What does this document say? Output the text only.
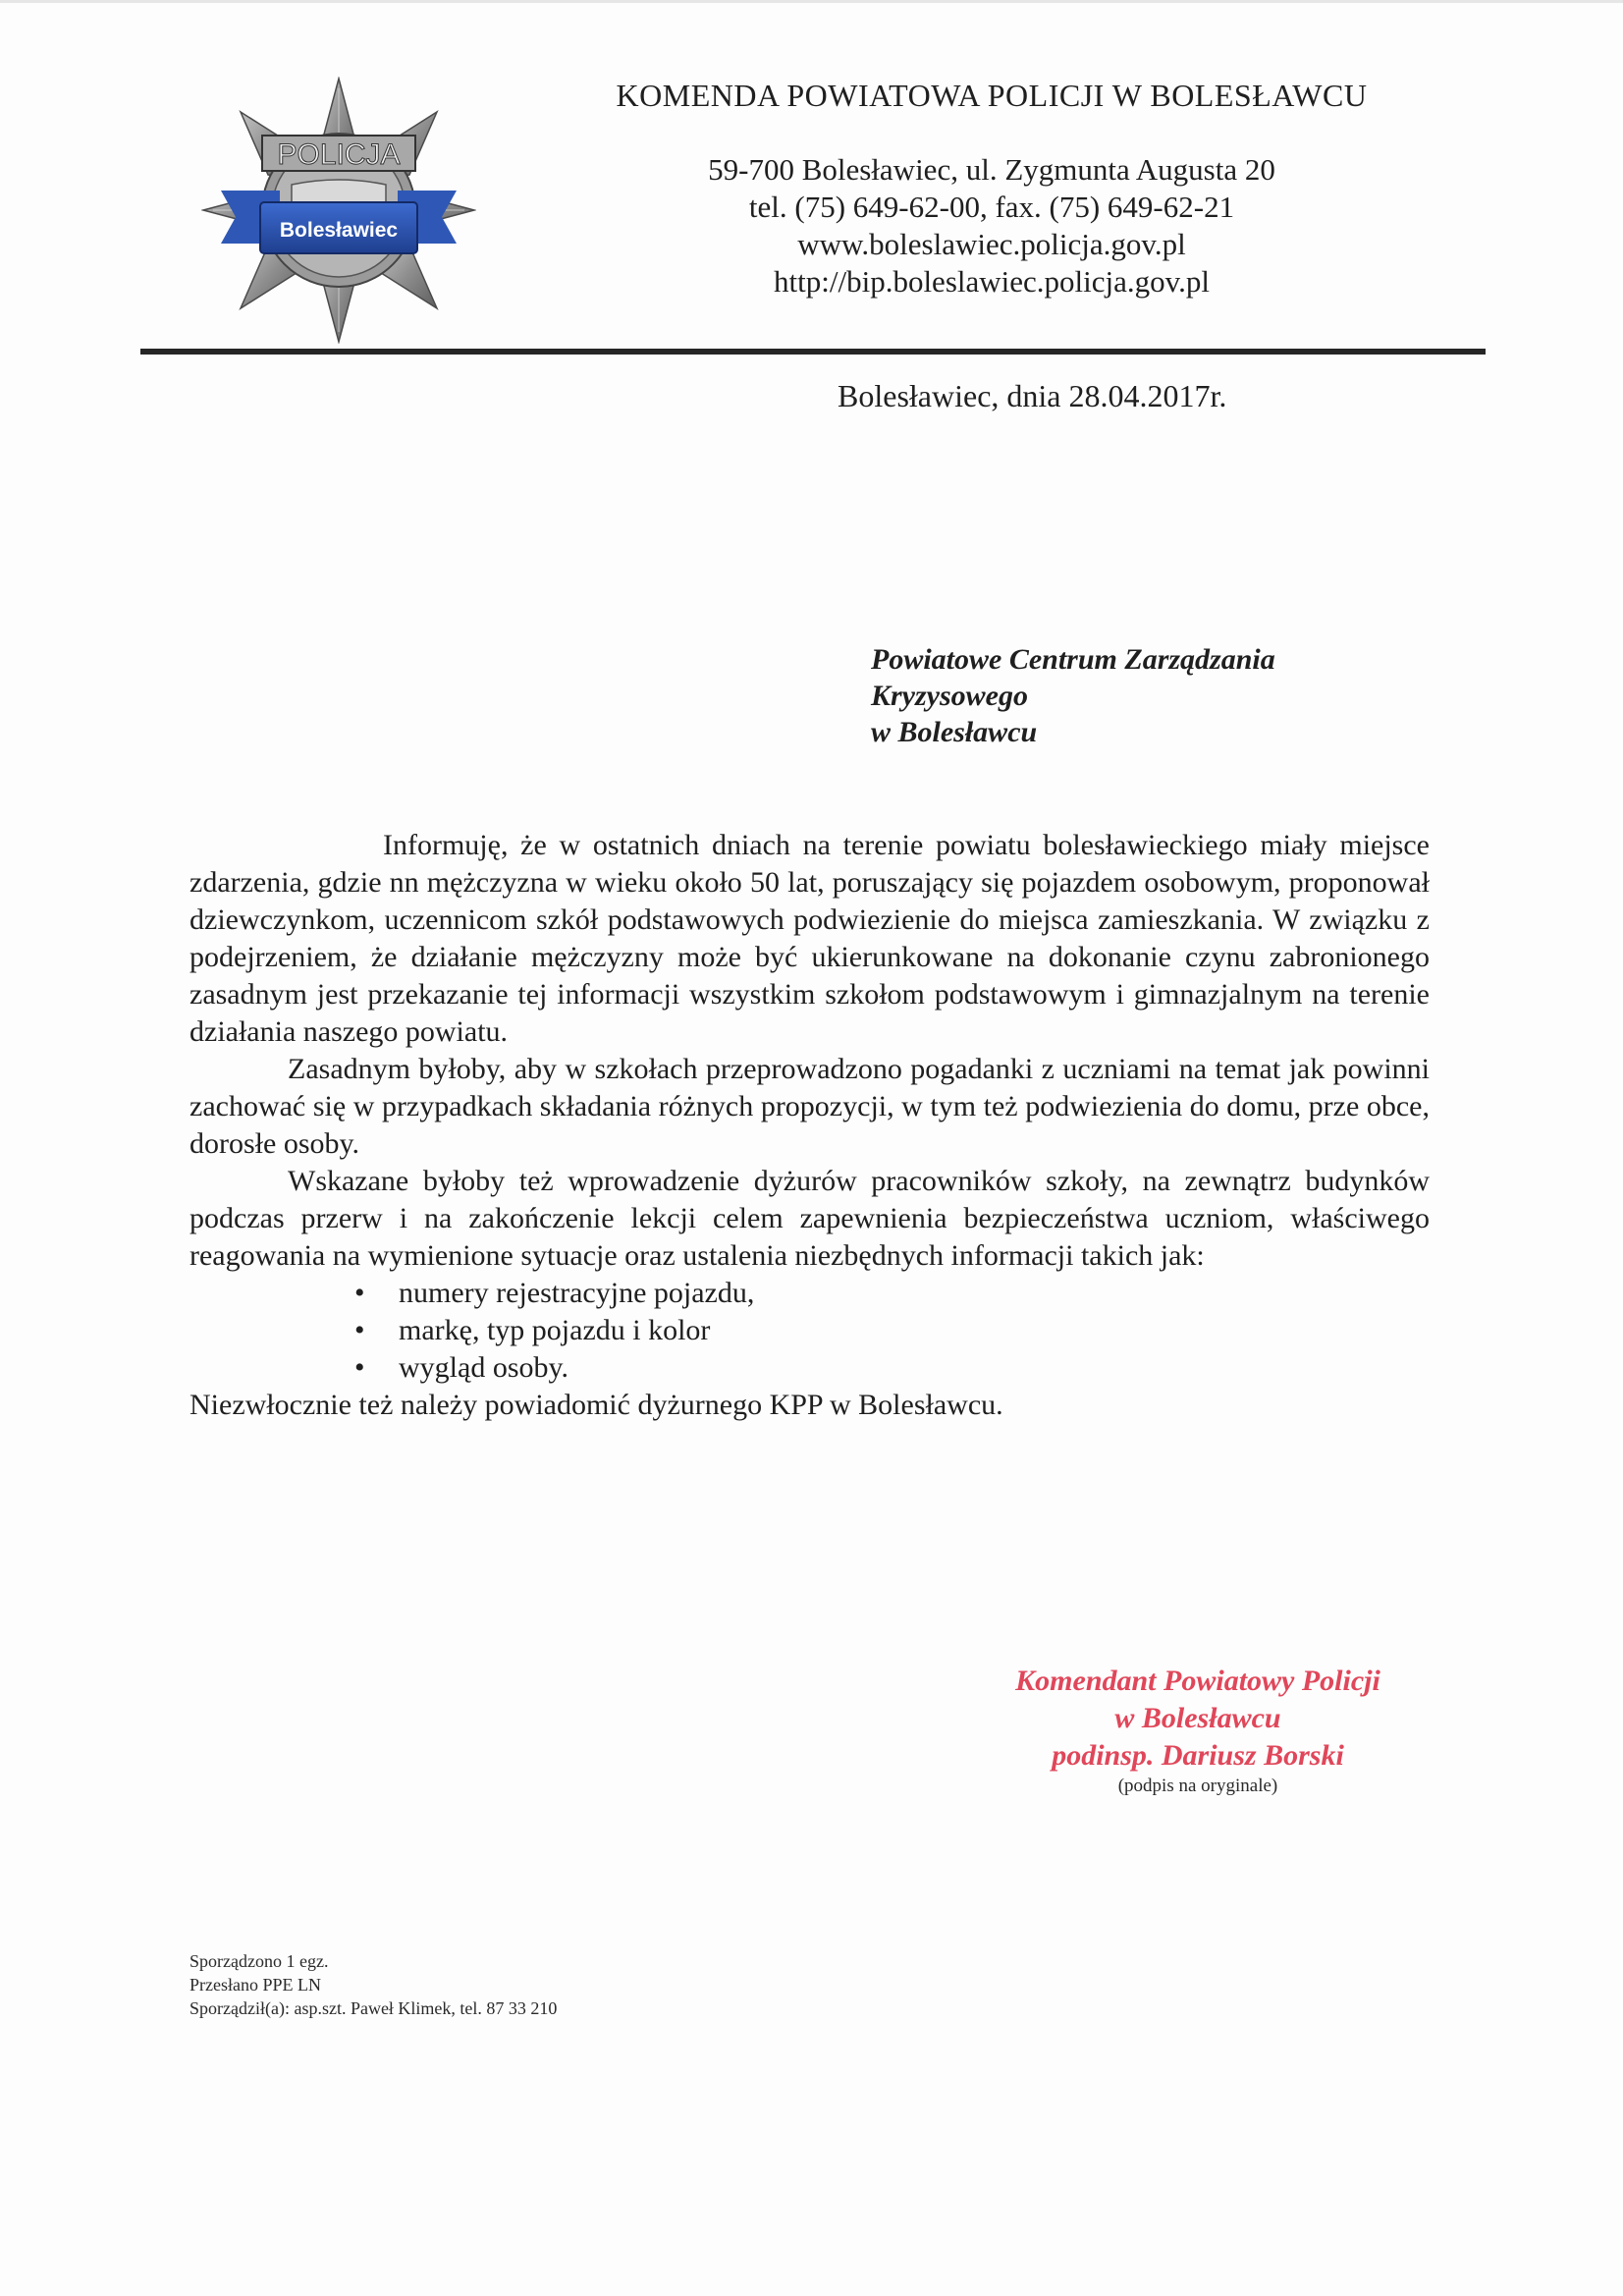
POLICJA
Bolesławiec
KOMENDA POWIATOWA POLICJI W BOLESŁAWCU
59-700 Bolesławiec, ul. Zygmunta Augusta 20
tel. (75) 649-62-00, fax. (75) 649-62-21
www.boleslawiec.policja.gov.pl
http://bip.boleslawiec.policja.gov.pl
Bolesławiec, dnia 28.04.2017r.
Powiatowe Centrum Zarządzania
Kryzysowego
w Bolesławcu

Informuję, że w ostatnich dniach na terenie powiatu bolesławieckiego miały miejsce zdarzenia, gdzie nn mężczyzna w wieku około 50 lat, poruszający się pojazdem osobowym, proponował dziewczynkom, uczennicom szkół podstawowych podwiezienie do miejsca zamieszkania. W związku z podejrzeniem, że działanie mężczyzny może być ukierunkowane na dokonanie czynu zabronionego zasadnym jest przekazanie tej informacji wszystkim szkołom podstawowym i gimnazjalnym na terenie działania naszego powiatu.

Zasadnym byłoby, aby w szkołach przeprowadzono pogadanki z uczniami na temat jak powinni zachować się w przypadkach składania różnych propozycji, w tym też podwiezienia do domu, prze obce, dorosłe osoby.

Wskazane byłoby też wprowadzenie dyżurów pracowników szkoły, na zewnątrz budynków podczas przerw i na zakończenie lekcji celem zapewnienia bezpieczeństwa uczniom, właściwego reagowania na wymienione sytuacje oraz ustalenia niezbędnych informacji takich jak:

• numery rejestracyjne pojazdu,
• markę, typ pojazdu i kolor
• wygląd osoby.

Niezwłocznie też należy powiadomić dyżurnego KPP w Bolesławcu.

Komendant Powiatowy Policji
w Bolesławcu
podinsp. Dariusz Borski
(podpis na oryginale)
Sporządzono 1 egz.
Przesłano PPE LN
Sporządził(a): asp.szt. Paweł Klimek, tel. 87 33 210
